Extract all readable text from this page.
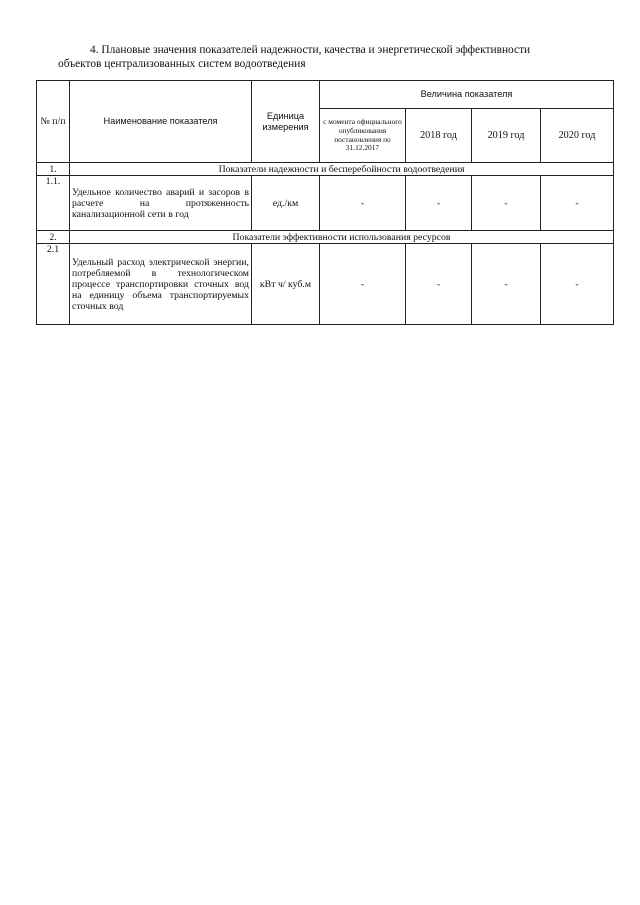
4. Плановые значения показателей надежности, качества и энергетической эффективности
объектов централизованных систем водоотведения
№ п/п	Наименование показателя	Единица измерения	Величина показателя			
			с момента официального опубликования постановления по 31.12.2017	2018 год	2019 год	2020 год
1.	Показатели надежности и бесперебойности водоотведения					
1.1.	Удельное количество аварий и засоров в расчете на протяженность канализационной сети в год	ед./км	-	-	-	-
2.	Показатели эффективности использования ресурсов					
2.1	Удельный расход электрической энергии, потребляемой в технологическом процессе транспортировки сточных вод на единицу объема транспортируемых сточных вод	кВт ч/ куб.м	-	-	-	-
